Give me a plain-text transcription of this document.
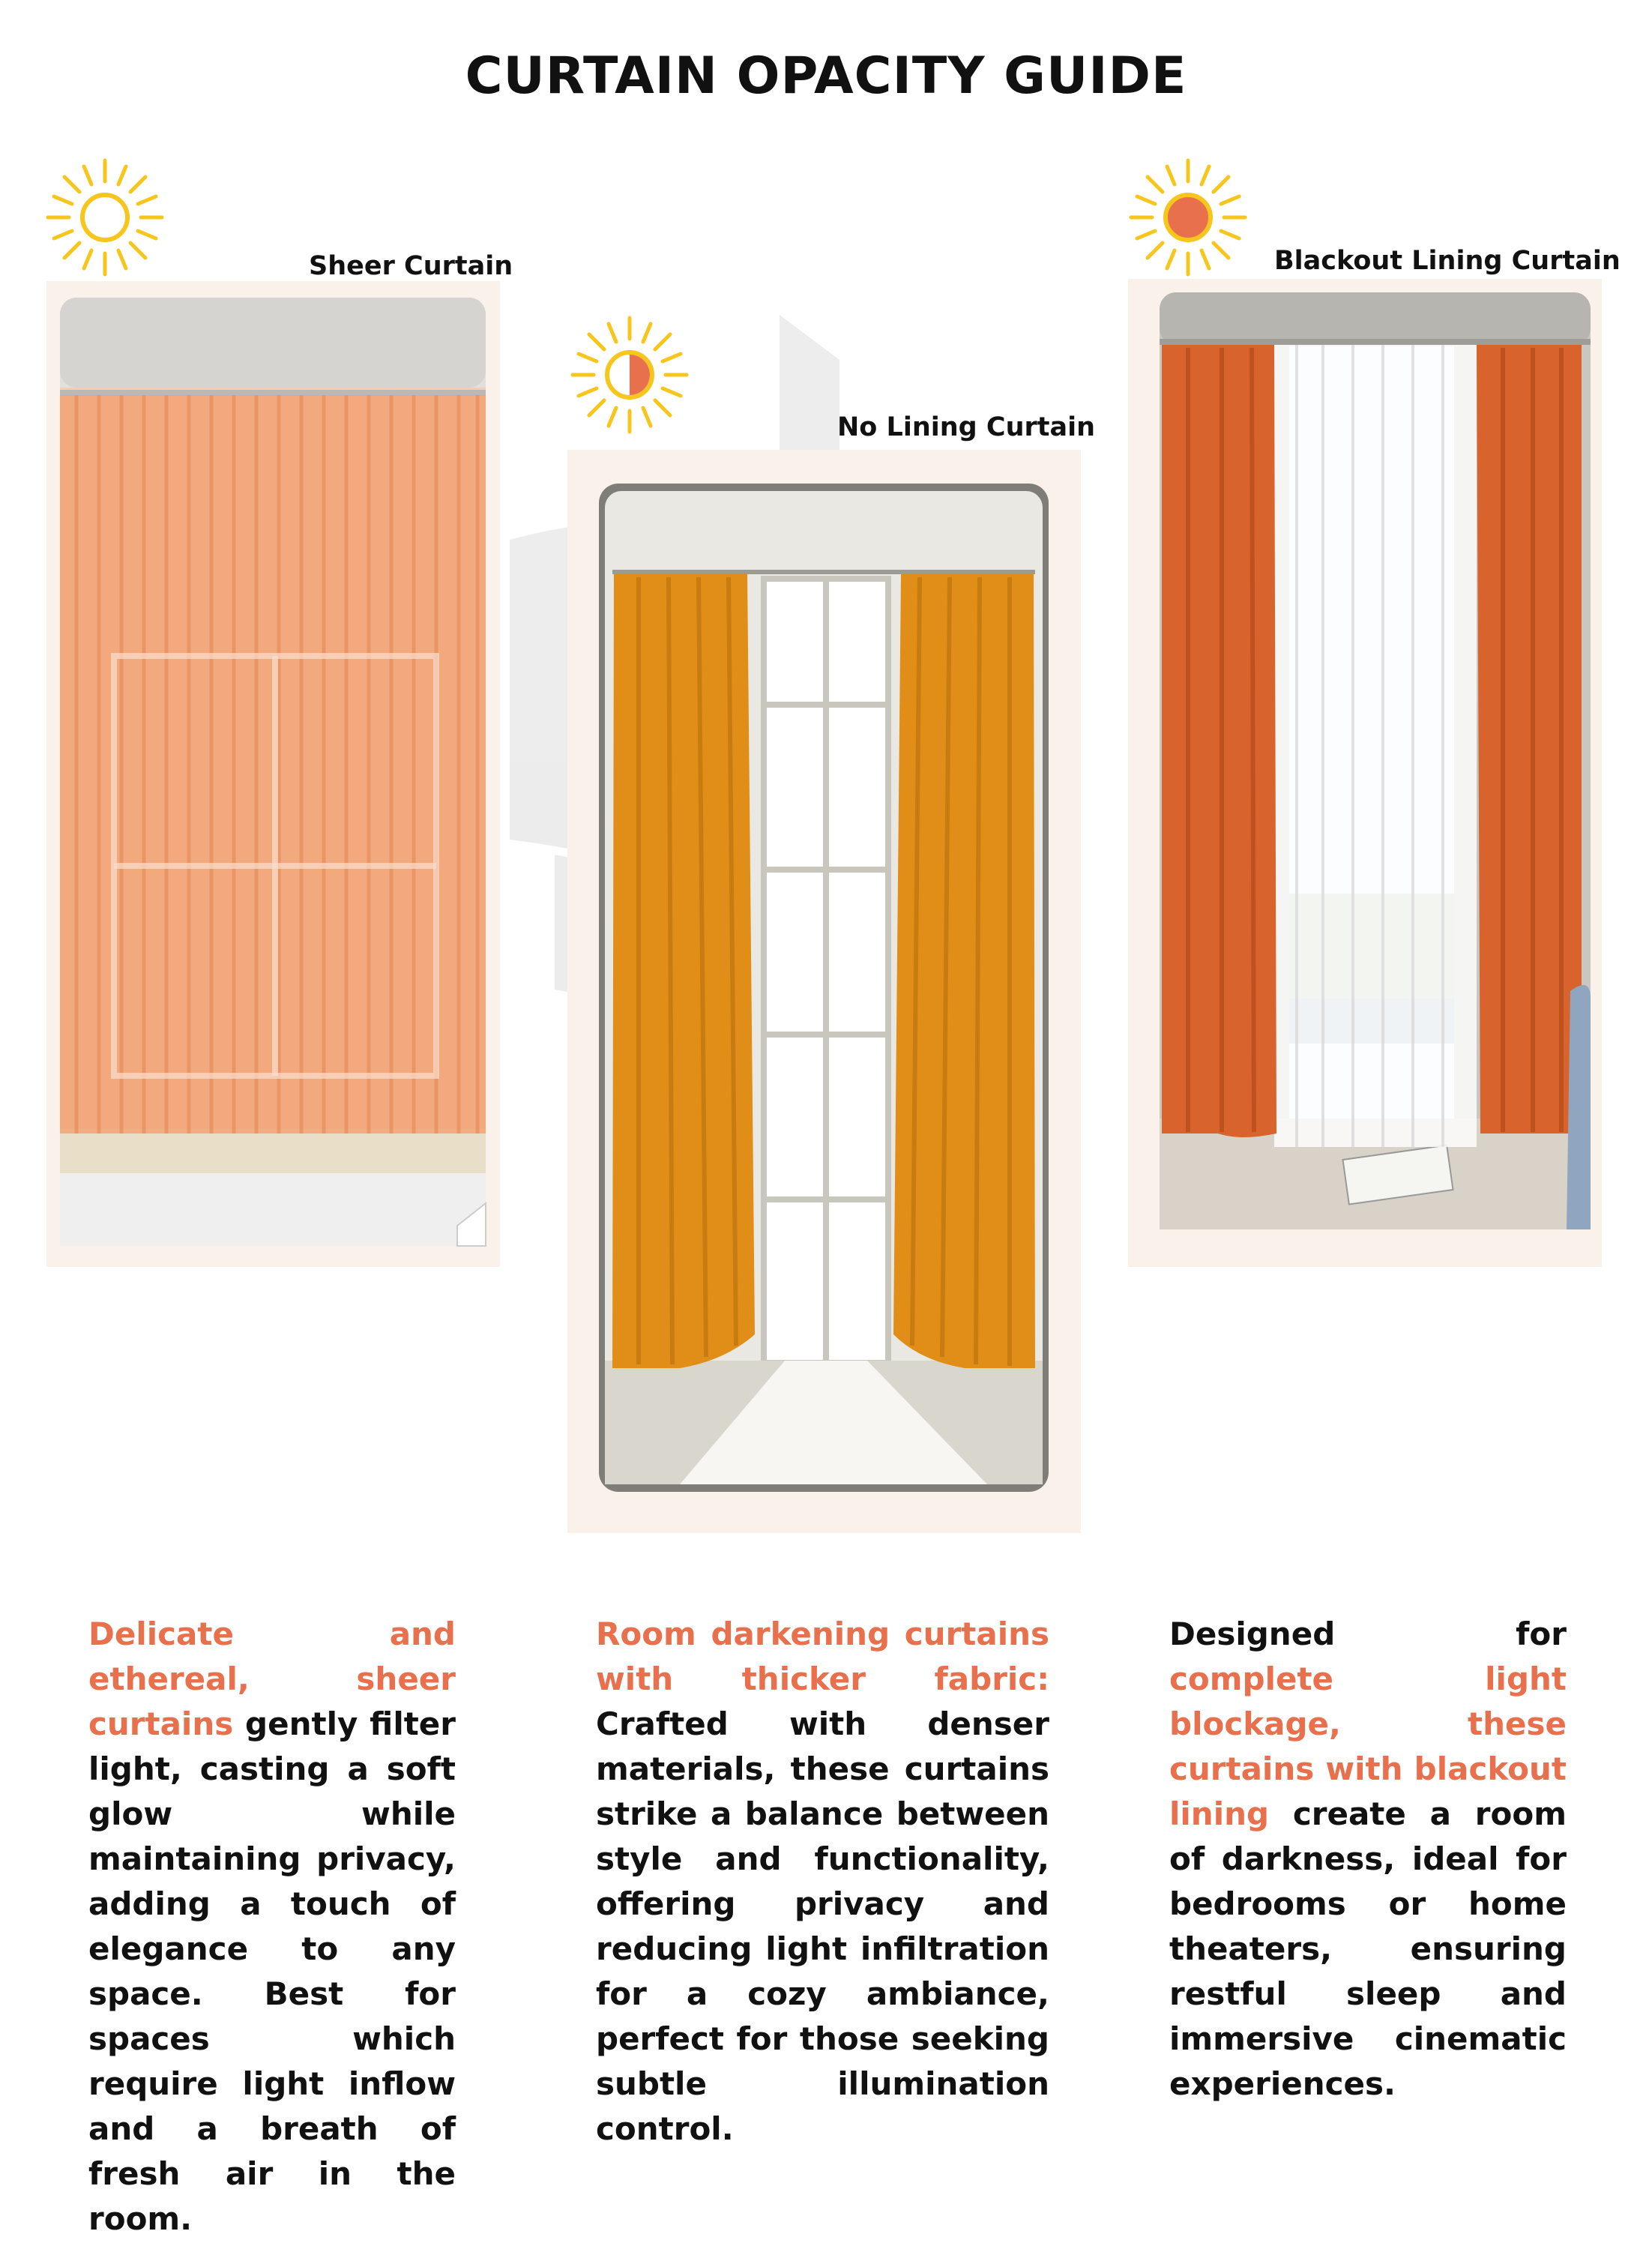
CURTAIN OPACITY GUIDE
Sheer Curtain
No Lining Curtain
Blackout Lining Curtain
Delicate and ethereal, sheer curtains gently filter light, casting a soft glow while maintaining privacy, adding a touch of elegance to any space. Best for spaces which require light inflow and a breath of fresh air in the room.
Room darkening curtains with thicker fabric: Crafted with denser materials, these curtains strike a balance between style and functionality, offering privacy and reducing light infiltration for a cozy ambiance, perfect for those seeking subtle illumination control.
Designed for complete light blockage, these curtains with blackout lining create a room of darkness, ideal for bedrooms or home theaters, ensuring restful sleep and immersive cinematic experiences.
